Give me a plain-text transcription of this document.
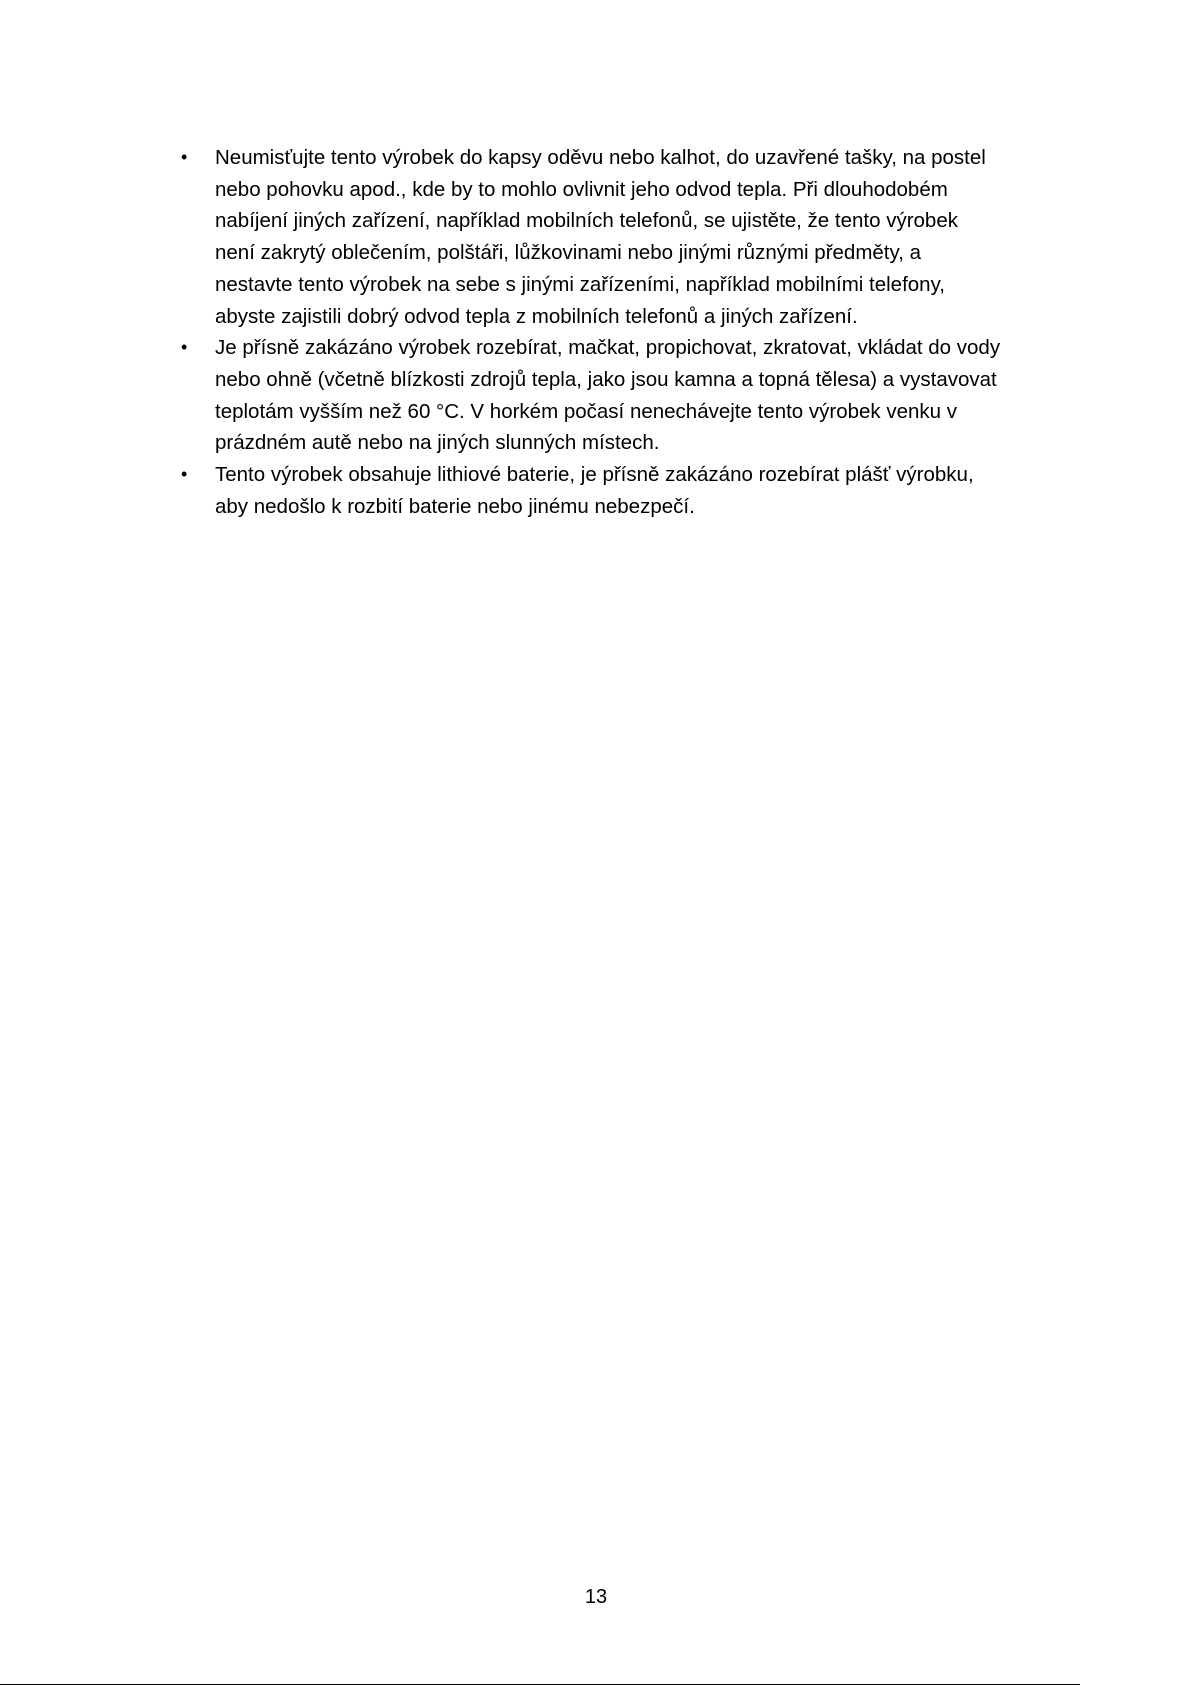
•	Neumisťujte tento výrobek do kapsy oděvu nebo kalhot, do uzavřené tašky, na postel
nebo pohovku apod., kde by to mohlo ovlivnit jeho odvod tepla. Při dlouhodobém
nabíjení jiných zařízení, například mobilních telefonů, se ujistěte, že tento výrobek
není zakrytý oblečením, polštáři, lůžkovinami nebo jinými různými předměty, a
nestavte tento výrobek na sebe s jinými zařízeními, například mobilními telefony,
abyste zajistili dobrý odvod tepla z mobilních telefonů a jiných zařízení.
•	Je přísně zakázáno výrobek rozebírat, mačkat, propichovat, zkratovat, vkládat do vody
nebo ohně (včetně blízkosti zdrojů tepla, jako jsou kamna a topná tělesa) a vystavovat
teplotám vyšším než 60 °C. V horkém počasí nenechávejte tento výrobek venku v
prázdném autě nebo na jiných slunných místech.
•	Tento výrobek obsahuje lithiové baterie, je přísně zakázáno rozebírat plášť výrobku,
aby nedošlo k rozbití baterie nebo jinému nebezpečí.
13
